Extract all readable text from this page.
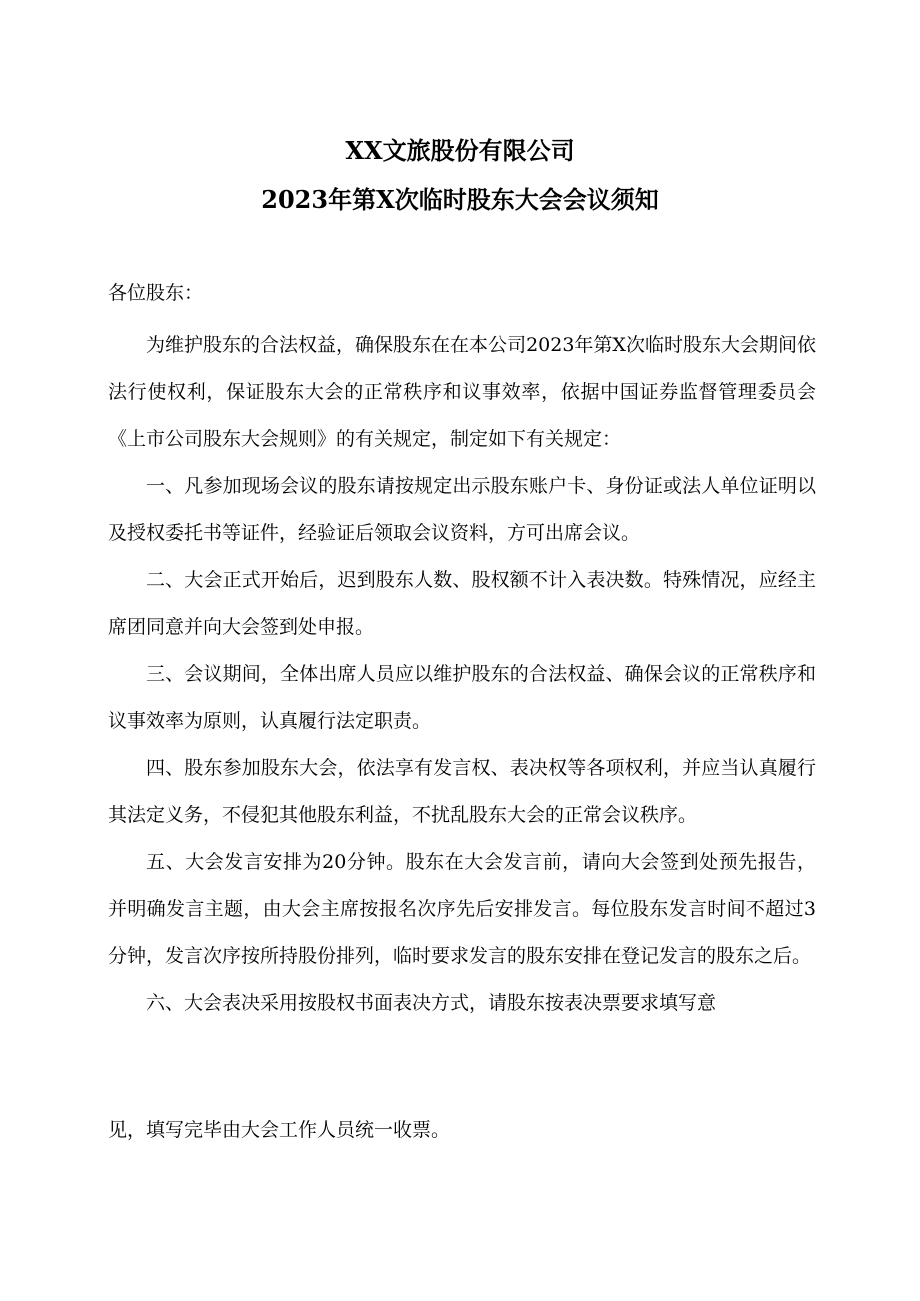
XX文旅股份有限公司
2023年第X次临时股东大会会议须知
各位股东：

为维护股东的合法权益，确保股东在在本公司2023年第X次临时股东大会期间依法行使权利，保证股东大会的正常秩序和议事效率，依据中国证券监督管理委员会《上市公司股东大会规则》的有关规定，制定如下有关规定：

一、凡参加现场会议的股东请按规定出示股东账户卡、身份证或法人单位证明以及授权委托书等证件，经验证后领取会议资料，方可出席会议。

二、大会正式开始后，迟到股东人数、股权额不计入表决数。特殊情况，应经主席团同意并向大会签到处申报。

三、会议期间，全体出席人员应以维护股东的合法权益、确保会议的正常秩序和议事效率为原则，认真履行法定职责。

四、股东参加股东大会，依法享有发言权、表决权等各项权利，并应当认真履行其法定义务，不侵犯其他股东利益，不扰乱股东大会的正常会议秩序。

五、大会发言安排为20分钟。股东在大会发言前，请向大会签到处预先报告，并明确发言主题，由大会主席按报名次序先后安排发言。每位股东发言时间不超过3分钟，发言次序按所持股份排列，临时要求发言的股东安排在登记发言的股东之后。

六、大会表决采用按股权书面表决方式，请股东按表决票要求填写意

见，填写完毕由大会工作人员统一收票。
